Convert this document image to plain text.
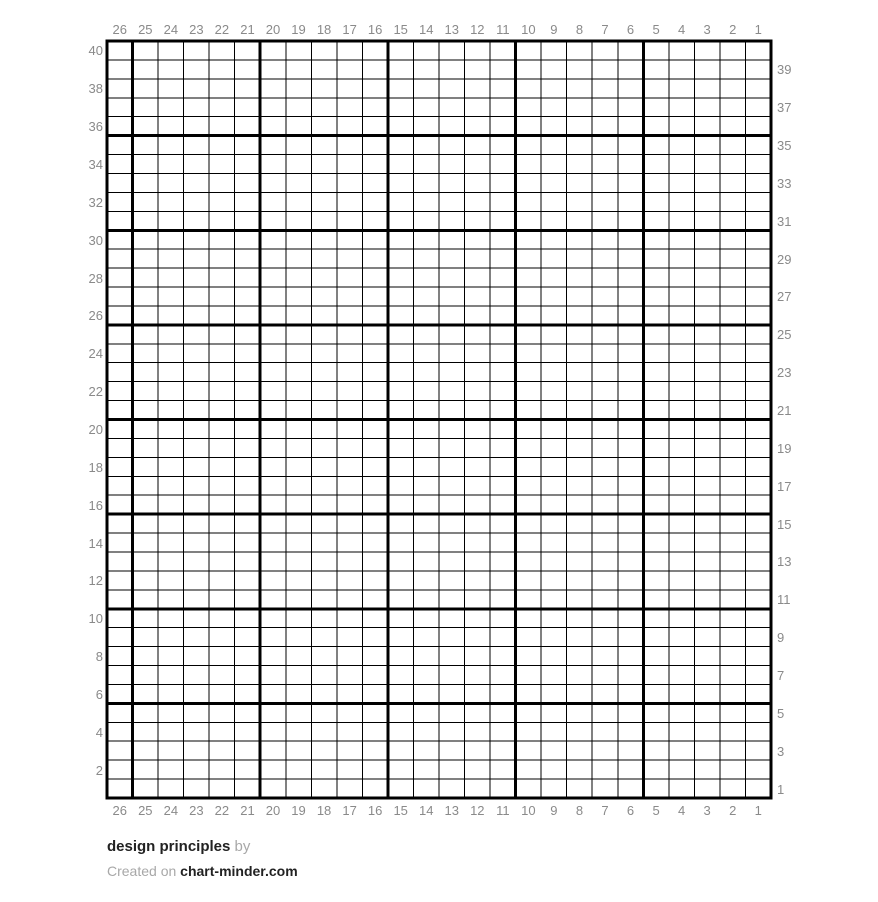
26 25 24 23 22 21 20 19 18 17 16 15 14 13 12 11 10	9	8	7	6	5	4	3	2	1
26 25 24 23 22 21 20 19 18 17 16 15 14 13 12 11 10	9	8	7	6	5	4	3	2	1
40
38
36
34
32
30
28
26
24
22
20
18
16
14
12
10
8
6
4
2
39
37
35
33
31
29
27
25
23
21
19
17
15
13
11
9
7
5
3
1
design principles by
Created on chart-minder.com
